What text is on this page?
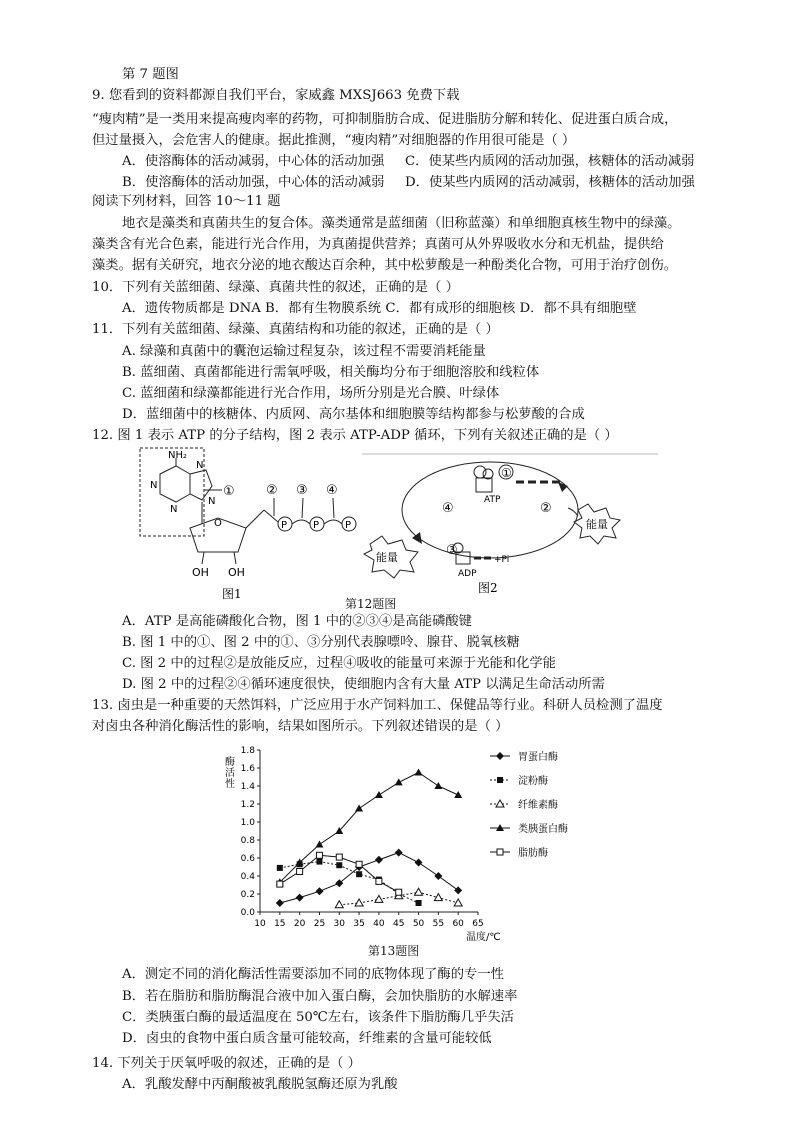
第 7 题图
9. 您看到的资料都源自我们平台，家威鑫 MXSJ663 免费下载
“瘦肉精”是一类用来提高瘦肉率的药物，可抑制脂肪合成、促进脂肪分解和转化、促进蛋白质合成，
但过量摄入，会危害人的健康。据此推测，“瘦肉精”对细胞器的作用很可能是（ ）
A．使溶酶体的活动减弱，中心体的活动加强 C．使某些内质网的活动加强，核糖体的活动减弱
B．使溶酶体的活动加强，中心体的活动减弱 D．使某些内质网的活动减弱，核糖体的活动加强
阅读下列材料，回答 10～11 题
地衣是藻类和真菌共生的复合体。藻类通常是蓝细菌（旧称蓝藻）和单细胞真核生物中的绿藻。
藻类含有光合色素，能进行光合作用，为真菌提供营养；真菌可从外界吸收水分和无机盐，提供给
藻类。据有关研究，地衣分泌的地衣酸达百余种，其中松萝酸是一种酚类化合物，可用于治疗创伤。
10．下列有关蓝细菌、绿藻、真菌共性的叙述，正确的是（ ）
A．遗传物质都是 DNA B．都有生物膜系统 C．都有成形的细胞核 D．都不具有细胞壁
11．下列有关蓝细菌、绿藻、真菌结构和功能的叙述，正确的是（ ）
A. 绿藻和真菌中的囊泡运输过程复杂，该过程不需要消耗能量
B. 蓝细菌、真菌都能进行需氧呼吸，相关酶均分布于细胞溶胶和线粒体
C. 蓝细菌和绿藻都能进行光合作用，场所分别是光合膜、叶绿体
D．蓝细菌中的核糖体、内质网、高尔基体和细胞膜等结构都参与松萝酸的合成
12. 图 1 表示 ATP 的分子结构，图 2 表示 ATP-ADP 循环，下列有关叙述正确的是（ ）
NH₂
N
N
N
N
①
O
OH OH
P	P	P
② ③ ④
图1
①
ATP
+Pi
ADP
③
④	②
能量
能量
图2
第12题图
A．ATP 是高能磷酸化合物，图 1 中的②③④是高能磷酸键
B. 图 1 中的①、图 2 中的①、③分别代表腺嘌呤、腺苷、脱氧核糖
C. 图 2 中的过程②是放能反应，过程④吸收的能量可来源于光能和化学能
D. 图 2 中的过程②④循环速度很快，使细胞内含有大量 ATP 以满足生命活动所需
13. 卤虫是一种重要的天然饵料，广泛应用于水产饲料加工、保健品等行业。科研人员检测了温度
对卤虫各种消化酶活性的影响，结果如图所示。下列叙述错误的是（ ）
10 15 20 25 30 35 40 45 50 55 60 65
0.0
0.2
0.4
0.6
0.8
1.0
1.2
1.4
1.6
1.8
胃蛋白酶
淀粉酶
纤维素酶
类胰蛋白酶
脂肪酶
酶活性
温度/℃
第13题图
A．测定不同的消化酶活性需要添加不同的底物体现了酶的专一性
B．若在脂肪和脂肪酶混合液中加入蛋白酶，会加快脂肪的水解速率
C．类胰蛋白酶的最适温度在 50℃左右，该条件下脂肪酶几乎失活
D．卤虫的食物中蛋白质含量可能较高，纤维素的含量可能较低
14. 下列关于厌氧呼吸的叙述，正确的是（ ）
A．乳酸发酵中丙酮酸被乳酸脱氢酶还原为乳酸
